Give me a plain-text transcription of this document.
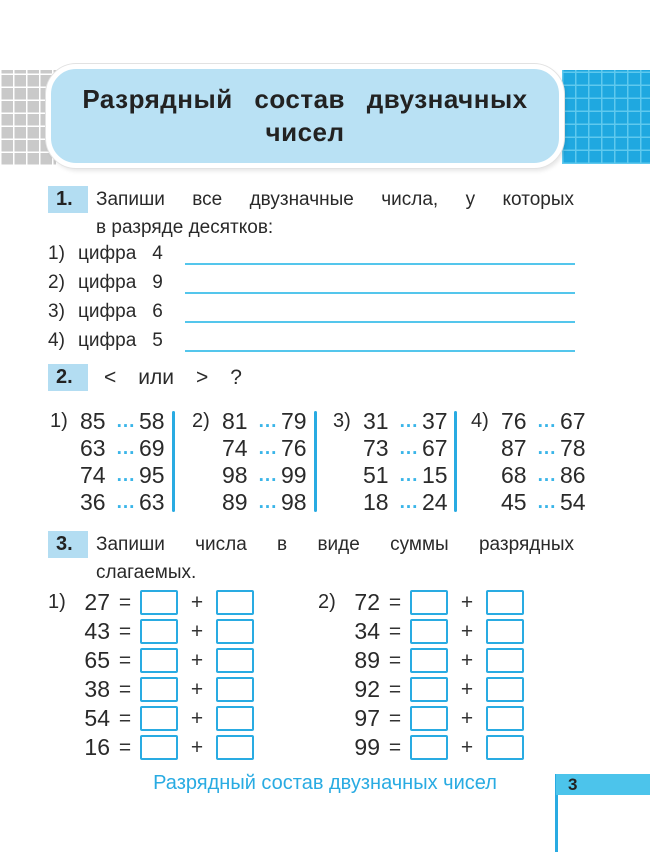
Разрядный состав двузначных
чисел
1.	Запиши все двузначные числа, у которых
в разряде десятков:
1) цифра 4
2) цифра 9
3) цифра 6
4) цифра 5
2.	< или > ?
1) 85 ... 58
63 ... 69
74 ... 95
36 ... 63
2) 81 ... 79
74 ... 76
98 ... 99
89 ... 98
3) 31 ... 37
73 ... 67
51 ... 15
18 ... 24
4) 76 ... 67
87 ... 78
68 ... 86
45 ... 54
3.	Запиши числа в виде суммы разрядных
слагаемых.
1) 27 =	+
43 =	+
65 =	+
38 =	+
54 =	+
16 =	+
2) 72 =	+
34 =	+
89 =	+
92 =	+
97 =	+
99 =	+
Разрядный состав двузначных чисел	3
